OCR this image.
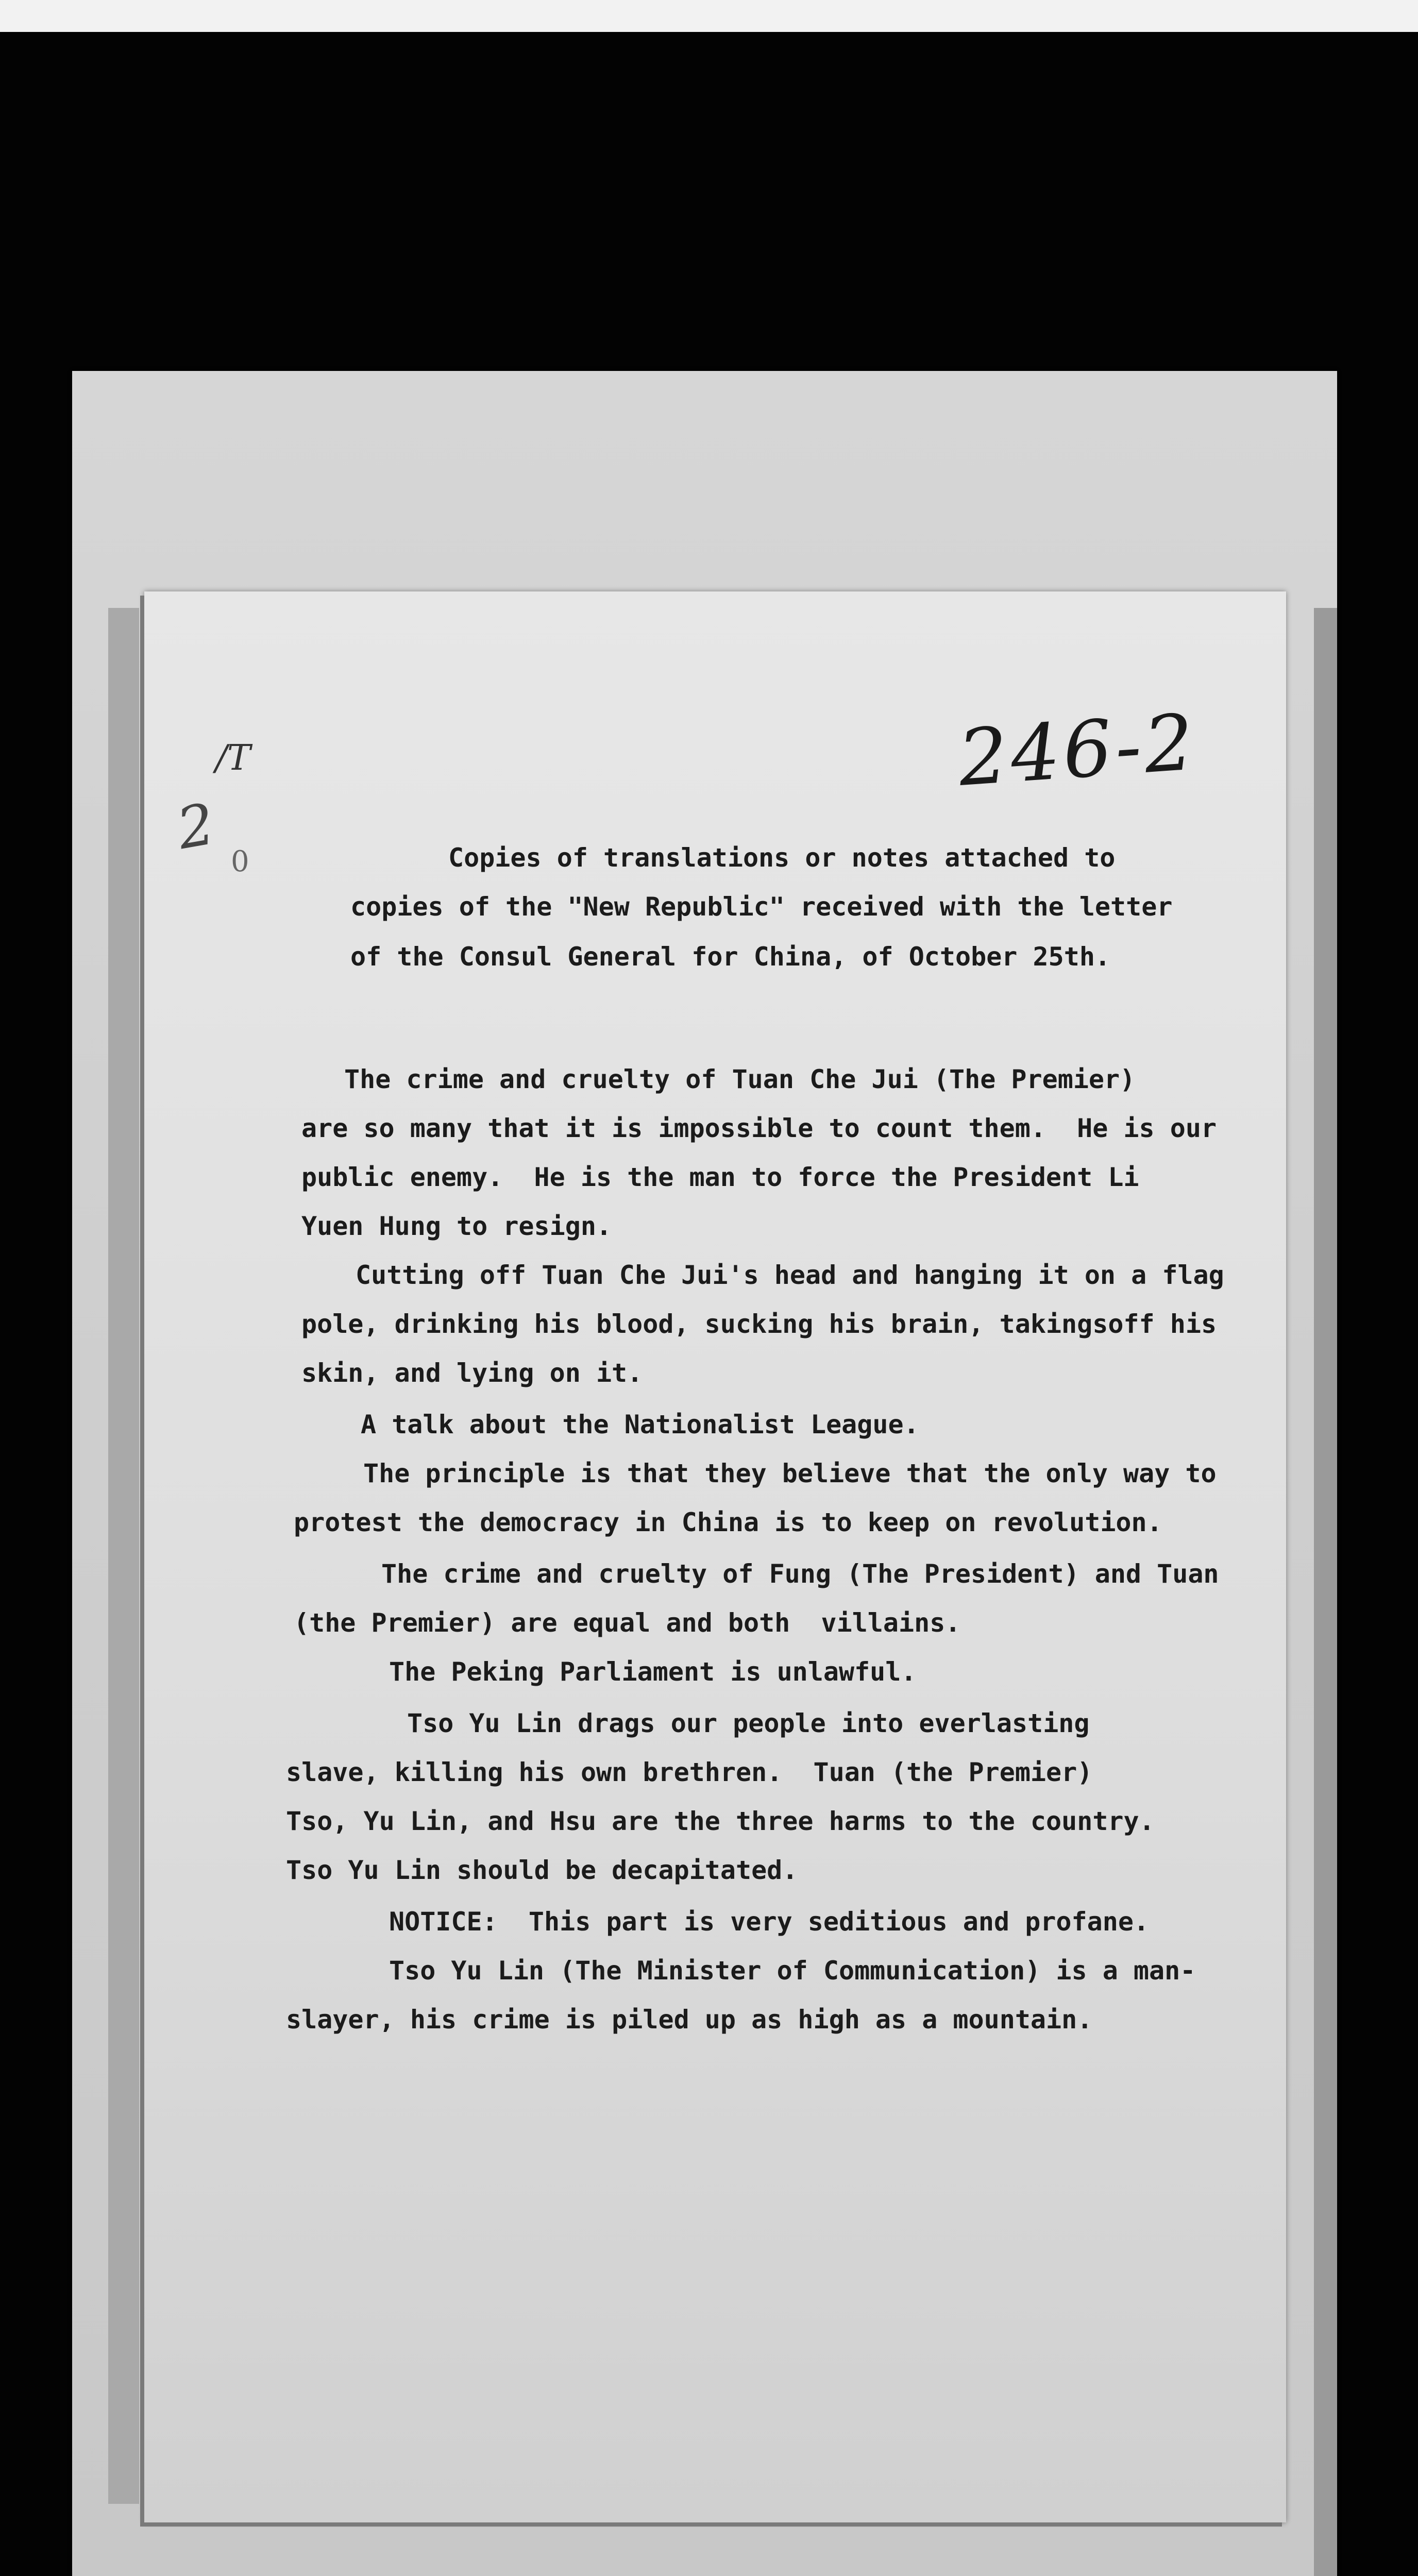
246-2
/T
2 0

	Copies of translations or notes attached to

copies of the "New Republic" received with the letter

of the Consul General for China, of October 25th.

The crime and cruelty of Tuan Che Jui (The Premier)

are so many that it is impossible to count them.  He is our

public enemy.  He is the man to force the President Li

Yuen Hung to resign.

Cutting off Tuan Che Jui's head and hanging it on a flag

pole, drinking his blood, sucking his brain, takingsoff his

skin, and lying on it.

A talk about the Nationalist League.

The principle is that they believe that the only way to

protest the democracy in China is to keep on revolution.

The crime and cruelty of Fung (The President) and Tuan

(the Premier) are equal and both  villains.

The Peking Parliament is unlawful.

Tso Yu Lin drags our people into everlasting

slave, killing his own brethren.  Tuan (the Premier)

Tso, Yu Lin, and Hsu are the three harms to the country.

Tso Yu Lin should be decapitated.

NOTICE:  This part is very seditious and profane.

Tso Yu Lin (The Minister of Communication) is a man-

slayer, his crime is piled up as high as a mountain.
